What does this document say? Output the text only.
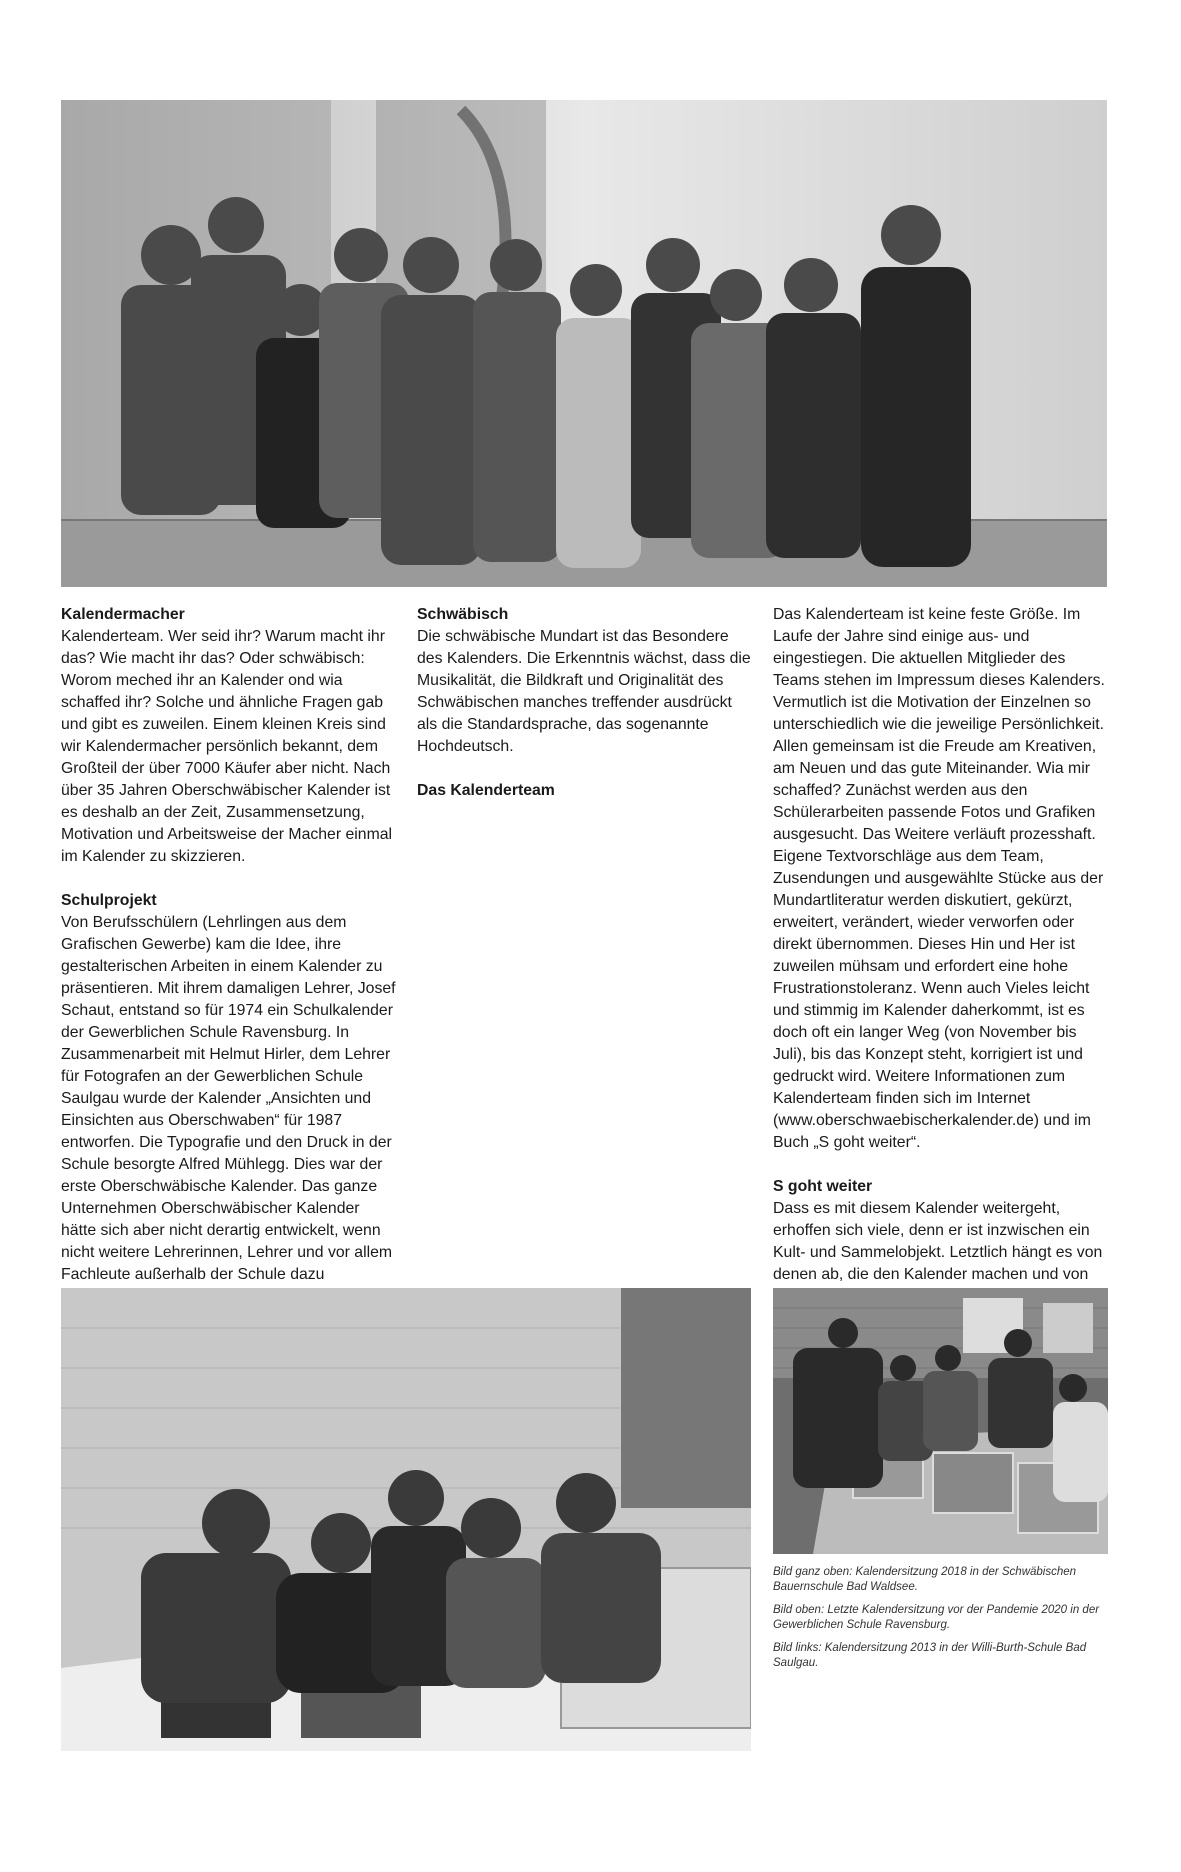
Kalendermacher

Kalenderteam. Wer seid ihr? Warum macht ihr das? Wie macht ihr das? Oder schwäbisch: Worom meched ihr an Kalender ond wia schaffed ihr? Solche und ähnliche Fragen gab und gibt es zuweilen. Einem kleinen Kreis sind wir Kalendermacher persönlich bekannt, dem Großteil der über 7000 Käufer aber nicht. Nach über 35 Jahren Oberschwäbischer Kalender ist es deshalb an der Zeit, Zusammensetzung, Motivation und Arbeitsweise der Macher einmal im Kalender zu skizzieren.

Schulprojekt

Von Berufsschülern (Lehrlingen aus dem Grafischen Gewerbe) kam die Idee, ihre gestalterischen Arbeiten in einem Kalender zu präsentieren. Mit ihrem damaligen Lehrer, Josef Schaut, entstand so für 1974 ein Schulkalender der Gewerblichen Schule Ravensburg. In Zusammenarbeit mit Helmut Hirler, dem Lehrer für Fotografen an der Gewerblichen Schule Saulgau wurde der Kalender „Ansichten und Einsichten aus Oberschwaben“ für 1987 entworfen. Die Typografie und den Druck in der Schule besorgte Alfred Mühlegg. Dies war der erste Oberschwäbische Kalender. Das ganze Unternehmen Oberschwäbischer Kalender hätte sich aber nicht derartig entwickelt, wenn nicht weitere Lehrerinnen, Lehrer und vor allem Fachleute außerhalb der Schule dazu

Schwäbisch

Die schwäbische Mundart ist das Besondere des Kalenders. Die Erkenntnis wächst, dass die Musikalität, die Bildkraft und Originalität des Schwäbischen manches treffender ausdrückt als die Standardsprache, das sogenannte Hochdeutsch.

Das Kalenderteam

Das Kalenderteam ist keine feste Größe. Im Laufe der Jahre sind einige aus- und eingestiegen. Die aktuellen Mitglieder des Teams stehen im Impressum dieses Kalenders. Vermutlich ist die Motivation der Einzelnen so unterschiedlich wie die jeweilige Persönlichkeit. Allen gemeinsam ist die Freude am Kreativen, am Neuen und das gute Miteinander. Wia mir schaffed? Zunächst werden aus den Schülerarbeiten passende Fotos und Grafiken ausgesucht. Das Weitere verläuft prozesshaft. Eigene Textvorschläge aus dem Team, Zusendungen und ausgewählte Stücke aus der Mundartliteratur werden diskutiert, gekürzt, erweitert, verändert, wieder verworfen oder direkt übernommen. Dieses Hin und Her ist zuweilen mühsam und erfordert eine hohe Frustrationstoleranz. Wenn auch Vieles leicht und stimmig im Kalender daherkommt, ist es doch oft ein langer Weg (von November bis Juli), bis das Konzept steht, korrigiert ist und gedruckt wird. Weitere Informationen zum Kalenderteam finden sich im Internet (www.oberschwaebischerkalender.de) und im Buch „S goht weiter“.

S goht weiter

Dass es mit diesem Kalender weitergeht, erhoffen sich viele, denn er ist inzwischen ein Kult- und Sammelobjekt. Letztlich hängt es von denen ab, die den Kalender machen und von

Bild ganz oben: Kalendersitzung 2018 in der Schwäbischen Bauernschule Bad Waldsee.

Bild oben: Letzte Kalendersitzung vor der Pandemie 2020 in der Gewerblichen Schule Ravensburg.

Bild links: Kalendersitzung 2013 in der Willi-Burth-Schule Bad Saulgau.
